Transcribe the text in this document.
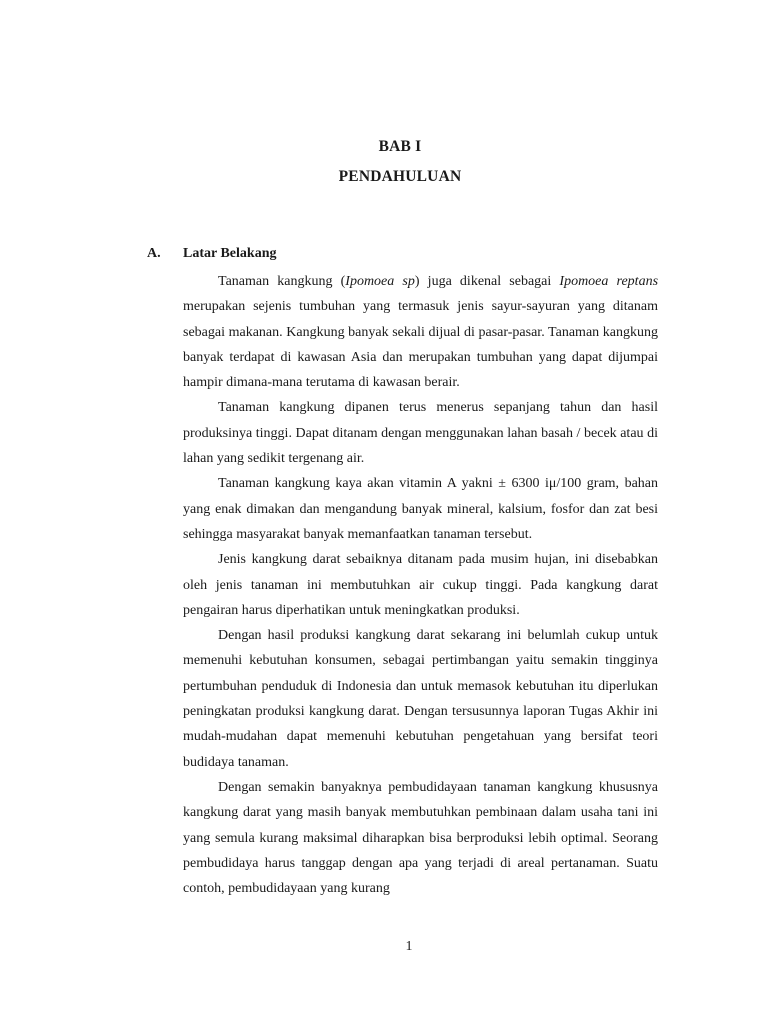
BAB I
PENDAHULUAN
A. Latar Belakang

Tanaman kangkung (Ipomoea sp) juga dikenal sebagai Ipomoea reptans merupakan sejenis tumbuhan yang termasuk jenis sayur-sayuran yang ditanam sebagai makanan. Kangkung banyak sekali dijual di pasar-pasar. Tanaman kangkung banyak terdapat di kawasan Asia dan merupakan tumbuhan yang dapat dijumpai hampir dimana-mana terutama di kawasan berair.

Tanaman kangkung dipanen terus menerus sepanjang tahun dan hasil produksinya tinggi. Dapat ditanam dengan menggunakan lahan basah / becek atau di lahan yang sedikit tergenang air.

Tanaman kangkung kaya akan vitamin A yakni ± 6300 iμ/100 gram, bahan yang enak dimakan dan mengandung banyak mineral, kalsium, fosfor dan zat besi sehingga masyarakat banyak memanfaatkan tanaman tersebut.

Jenis kangkung darat sebaiknya ditanam pada musim hujan, ini disebabkan oleh jenis tanaman ini membutuhkan air cukup tinggi. Pada kangkung darat pengairan harus diperhatikan untuk meningkatkan produksi.

Dengan hasil produksi kangkung darat sekarang ini belumlah cukup untuk memenuhi kebutuhan konsumen, sebagai pertimbangan yaitu semakin tingginya pertumbuhan penduduk di Indonesia dan untuk memasok kebutuhan itu diperlukan peningkatan produksi kangkung darat. Dengan tersusunnya laporan Tugas Akhir ini mudah-mudahan dapat memenuhi kebutuhan pengetahuan yang bersifat teori budidaya tanaman.

Dengan semakin banyaknya pembudidayaan tanaman kangkung khususnya kangkung darat yang masih banyak membutuhkan pembinaan dalam usaha tani ini yang semula kurang maksimal diharapkan bisa berproduksi lebih optimal. Seorang pembudidaya harus tanggap dengan apa yang terjadi di areal pertanaman. Suatu contoh, pembudidayaan yang kurang

1
